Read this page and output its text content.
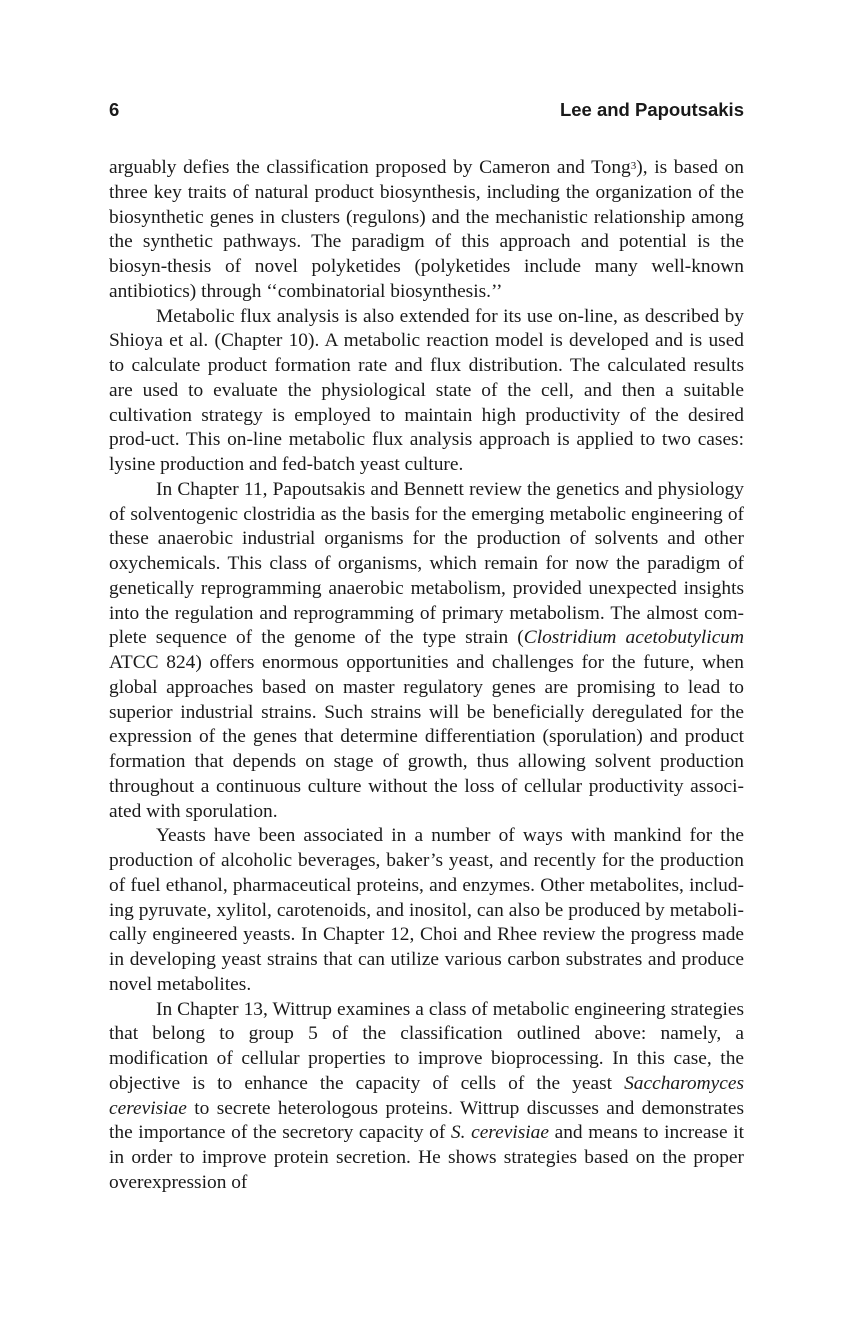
6	Lee and Papoutsakis

arguably defies the classification proposed by Cameron and Tong$^3$), is based on three key traits of natural product biosynthesis, including the organization of the biosynthetic genes in clusters (regulons) and the mechanistic relationship among the synthetic pathways. The paradigm of this approach and potential is the biosyn-thesis of novel polyketides (polyketides include many well-known antibiotics) through ‘‘combinatorial biosynthesis.’’

Metabolic flux analysis is also extended for its use on-line, as described by Shioya et al. (Chapter 10). A metabolic reaction model is developed and is used to calculate product formation rate and flux distribution. The calculated results are used to evaluate the physiological state of the cell, and then a suitable cultivation strategy is employed to maintain high productivity of the desired prod-uct. This on-line metabolic flux analysis approach is applied to two cases: lysine production and fed-batch yeast culture.

In Chapter 11, Papoutsakis and Bennett review the genetics and physiology of solventogenic clostridia as the basis for the emerging metabolic engineering of these anaerobic industrial organisms for the production of solvents and other oxychemicals. This class of organisms, which remain for now the paradigm of genetically reprogramming anaerobic metabolism, provided unexpected insights into the regulation and reprogramming of primary metabolism. The almost com-plete sequence of the genome of the type strain (Clostridium acetobutylicum ATCC 824) offers enormous opportunities and challenges for the future, when global approaches based on master regulatory genes are promising to lead to superior industrial strains. Such strains will be beneficially deregulated for the expression of the genes that determine differentiation (sporulation) and product formation that depends on stage of growth, thus allowing solvent production throughout a continuous culture without the loss of cellular productivity associ-ated with sporulation.

Yeasts have been associated in a number of ways with mankind for the production of alcoholic beverages, baker’s yeast, and recently for the production of fuel ethanol, pharmaceutical proteins, and enzymes. Other metabolites, includ-ing pyruvate, xylitol, carotenoids, and inositol, can also be produced by metaboli-cally engineered yeasts. In Chapter 12, Choi and Rhee review the progress made in developing yeast strains that can utilize various carbon substrates and produce novel metabolites.

In Chapter 13, Wittrup examines a class of metabolic engineering strategies that belong to group 5 of the classification outlined above: namely, a modification of cellular properties to improve bioprocessing. In this case, the objective is to enhance the capacity of cells of the yeast Saccharomyces cerevisiae to secrete heterologous proteins. Wittrup discusses and demonstrates the importance of the secretory capacity of S. cerevisiae and means to increase it in order to improve protein secretion. He shows strategies based on the proper overexpression of
